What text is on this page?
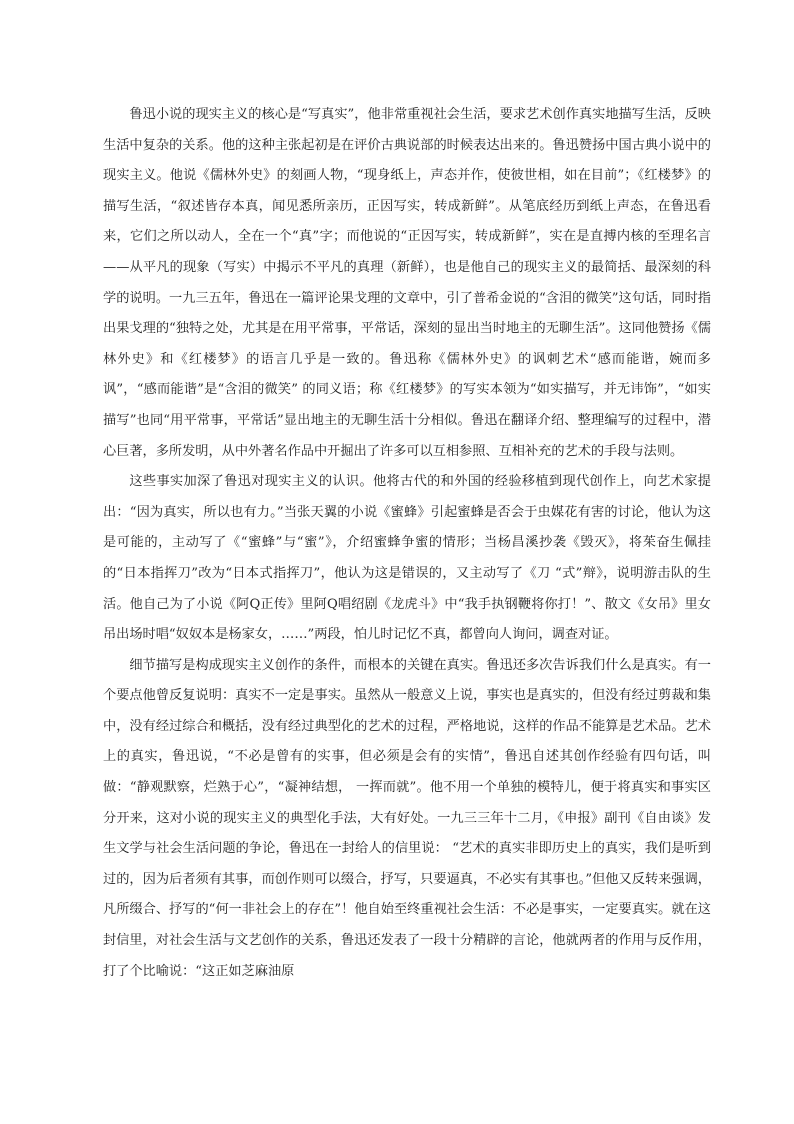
鲁迅小说的现实主义的核心是“写真实”，他非常重视社会生活，要求艺术创作真实地描写生活，反映生活中复杂的关系。他的这种主张起初是在评价古典说部的时候表达出来的。鲁迅赞扬中国古典小说中的现实主义。他说《儒林外史》的刻画人物，“现身纸上，声态并作，使彼世相，如在目前”；《红楼梦》的描写生活，“叙述皆存本真，闻见悉所亲历，正因写实，转成新鲜”。从笔底经历到纸上声态，在鲁迅看来，它们之所以动人，全在一个“真”字；而他说的“正因写实，转成新鲜”，实在是直搏内核的至理名言——从平凡的现象（写实）中揭示不平凡的真理（新鲜），也是他自己的现实主义的最简括、最深刻的科学的说明。一九三五年，鲁迅在一篇评论果戈理的文章中，引了普希金说的“含泪的微笑”这句话，同时指出果戈理的“独特之处，尤其是在用平常事，平常话，深刻的显出当时地主的无聊生活”。这同他赞扬《儒林外史》和《红楼梦》的语言几乎是一致的。鲁迅称《儒林外史》的讽刺艺术“感而能谐，婉而多讽”，“感而能谐”是“含泪的微笑” 的同义语；称《红楼梦》的写实本领为“如实描写，并无讳饰”，“如实描写”也同“用平常事，平常话”显出地主的无聊生活十分相似。鲁迅在翻译介绍、整理编写的过程中，潜心巨著，多所发明，从中外著名作品中开掘出了许多可以互相参照、互相补充的艺术的手段与法则。

这些事实加深了鲁迅对现实主义的认识。他将古代的和外国的经验移植到现代创作上，向艺术家提出：“因为真实，所以也有力。”当张天翼的小说《蜜蜂》引起蜜蜂是否会于虫媒花有害的讨论，他认为这是可能的，主动写了《“蜜蜂”与“蜜”》，介绍蜜蜂争蜜的情形；当杨昌溪抄袭《毁灭》，将茱奋生佩挂的“日本指挥刀”改为“日本式指挥刀”，他认为这是错误的，又主动写了《刀 “式”辩》，说明游击队的生活。他自己为了小说《阿Q正传》里阿Q唱绍剧《龙虎斗》中“我手执钢鞭将你打！”、散文《女吊》里女吊出场时唱“奴奴本是杨家女，……”两段，怕儿时记忆不真，都曾向人询问，调查对证。

细节描写是构成现实主义创作的条件，而根本的关键在真实。鲁迅还多次告诉我们什么是真实。有一个要点他曾反复说明：真实不一定是事实。虽然从一般意义上说，事实也是真实的，但没有经过剪裁和集中，没有经过综合和概括，没有经过典型化的艺术的过程，严格地说，这样的作品不能算是艺术品。艺术上的真实，鲁迅说，“不必是曾有的实事，但必须是会有的实情”，鲁迅自述其创作经验有四句话，叫做：“静观默察，烂熟于心”，“凝神结想， 一挥而就”。他不用一个单独的模特儿，便于将真实和事实区分开来，这对小说的现实主义的典型化手法，大有好处。一九三三年十二月，《申报》副刊《自由谈》发生文学与社会生活问题的争论，鲁迅在一封给人的信里说： “艺术的真实非即历史上的真实，我们是听到过的，因为后者须有其事，而创作则可以缀合，抒写，只要逼真，不必实有其事也。”但他又反转来强调，凡所缀合、抒写的“何一非社会上的存在”！他自始至终重视社会生活：不必是事实，一定要真实。就在这封信里，对社会生活与文艺创作的关系，鲁迅还发表了一段十分精辟的言论，他就两者的作用与反作用，打了个比喻说：“这正如芝麻油原
